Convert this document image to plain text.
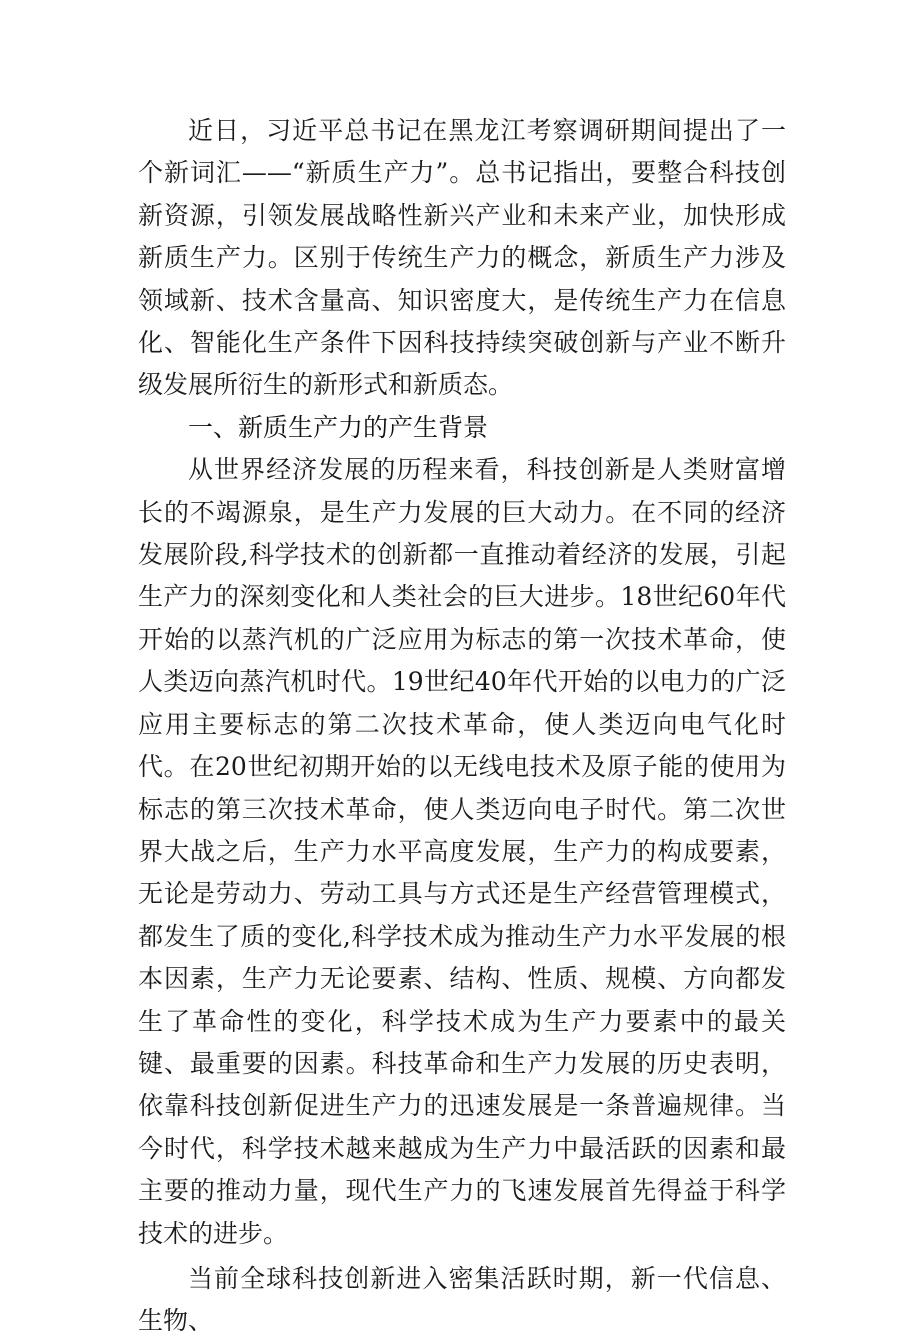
近日，习近平总书记在黑龙江考察调研期间提出了一个新词汇——“新质生产力”。总书记指出，要整合科技创新资源，引领发展战略性新兴产业和未来产业，加快形成新质生产力。区别于传统生产力的概念，新质生产力涉及领域新、技术含量高、知识密度大，是传统生产力在信息化、智能化生产条件下因科技持续突破创新与产业不断升级发展所衍生的新形式和新质态。

一、新质生产力的产生背景

从世界经济发展的历程来看，科技创新是人类财富增长的不竭源泉，是生产力发展的巨大动力。在不同的经济发展阶段,科学技术的创新都一直推动着经济的发展，引起生产力的深刻变化和人类社会的巨大进步。18世纪60年代开始的以蒸汽机的广泛应用为标志的第一次技术革命，使人类迈向蒸汽机时代。19世纪40年代开始的以电力的广泛应用主要标志的第二次技术革命，使人类迈向电气化时代。在20世纪初期开始的以无线电技术及原子能的使用为标志的第三次技术革命，使人类迈向电子时代。第二次世界大战之后，生产力水平高度发展，生产力的构成要素，无论是劳动力、劳动工具与方式还是生产经营管理模式，都发生了质的变化,科学技术成为推动生产力水平发展的根本因素，生产力无论要素、结构、性质、规模、方向都发生了革命性的变化，科学技术成为生产力要素中的最关键、最重要的因素。科技革命和生产力发展的历史表明，依靠科技创新促进生产力的迅速发展是一条普遍规律。当今时代，科学技术越来越成为生产力中最活跃的因素和最主要的推动力量，现代生产力的飞速发展首先得益于科学技术的进步。

当前全球科技创新进入密集活跃时期，新一代信息、生物、
